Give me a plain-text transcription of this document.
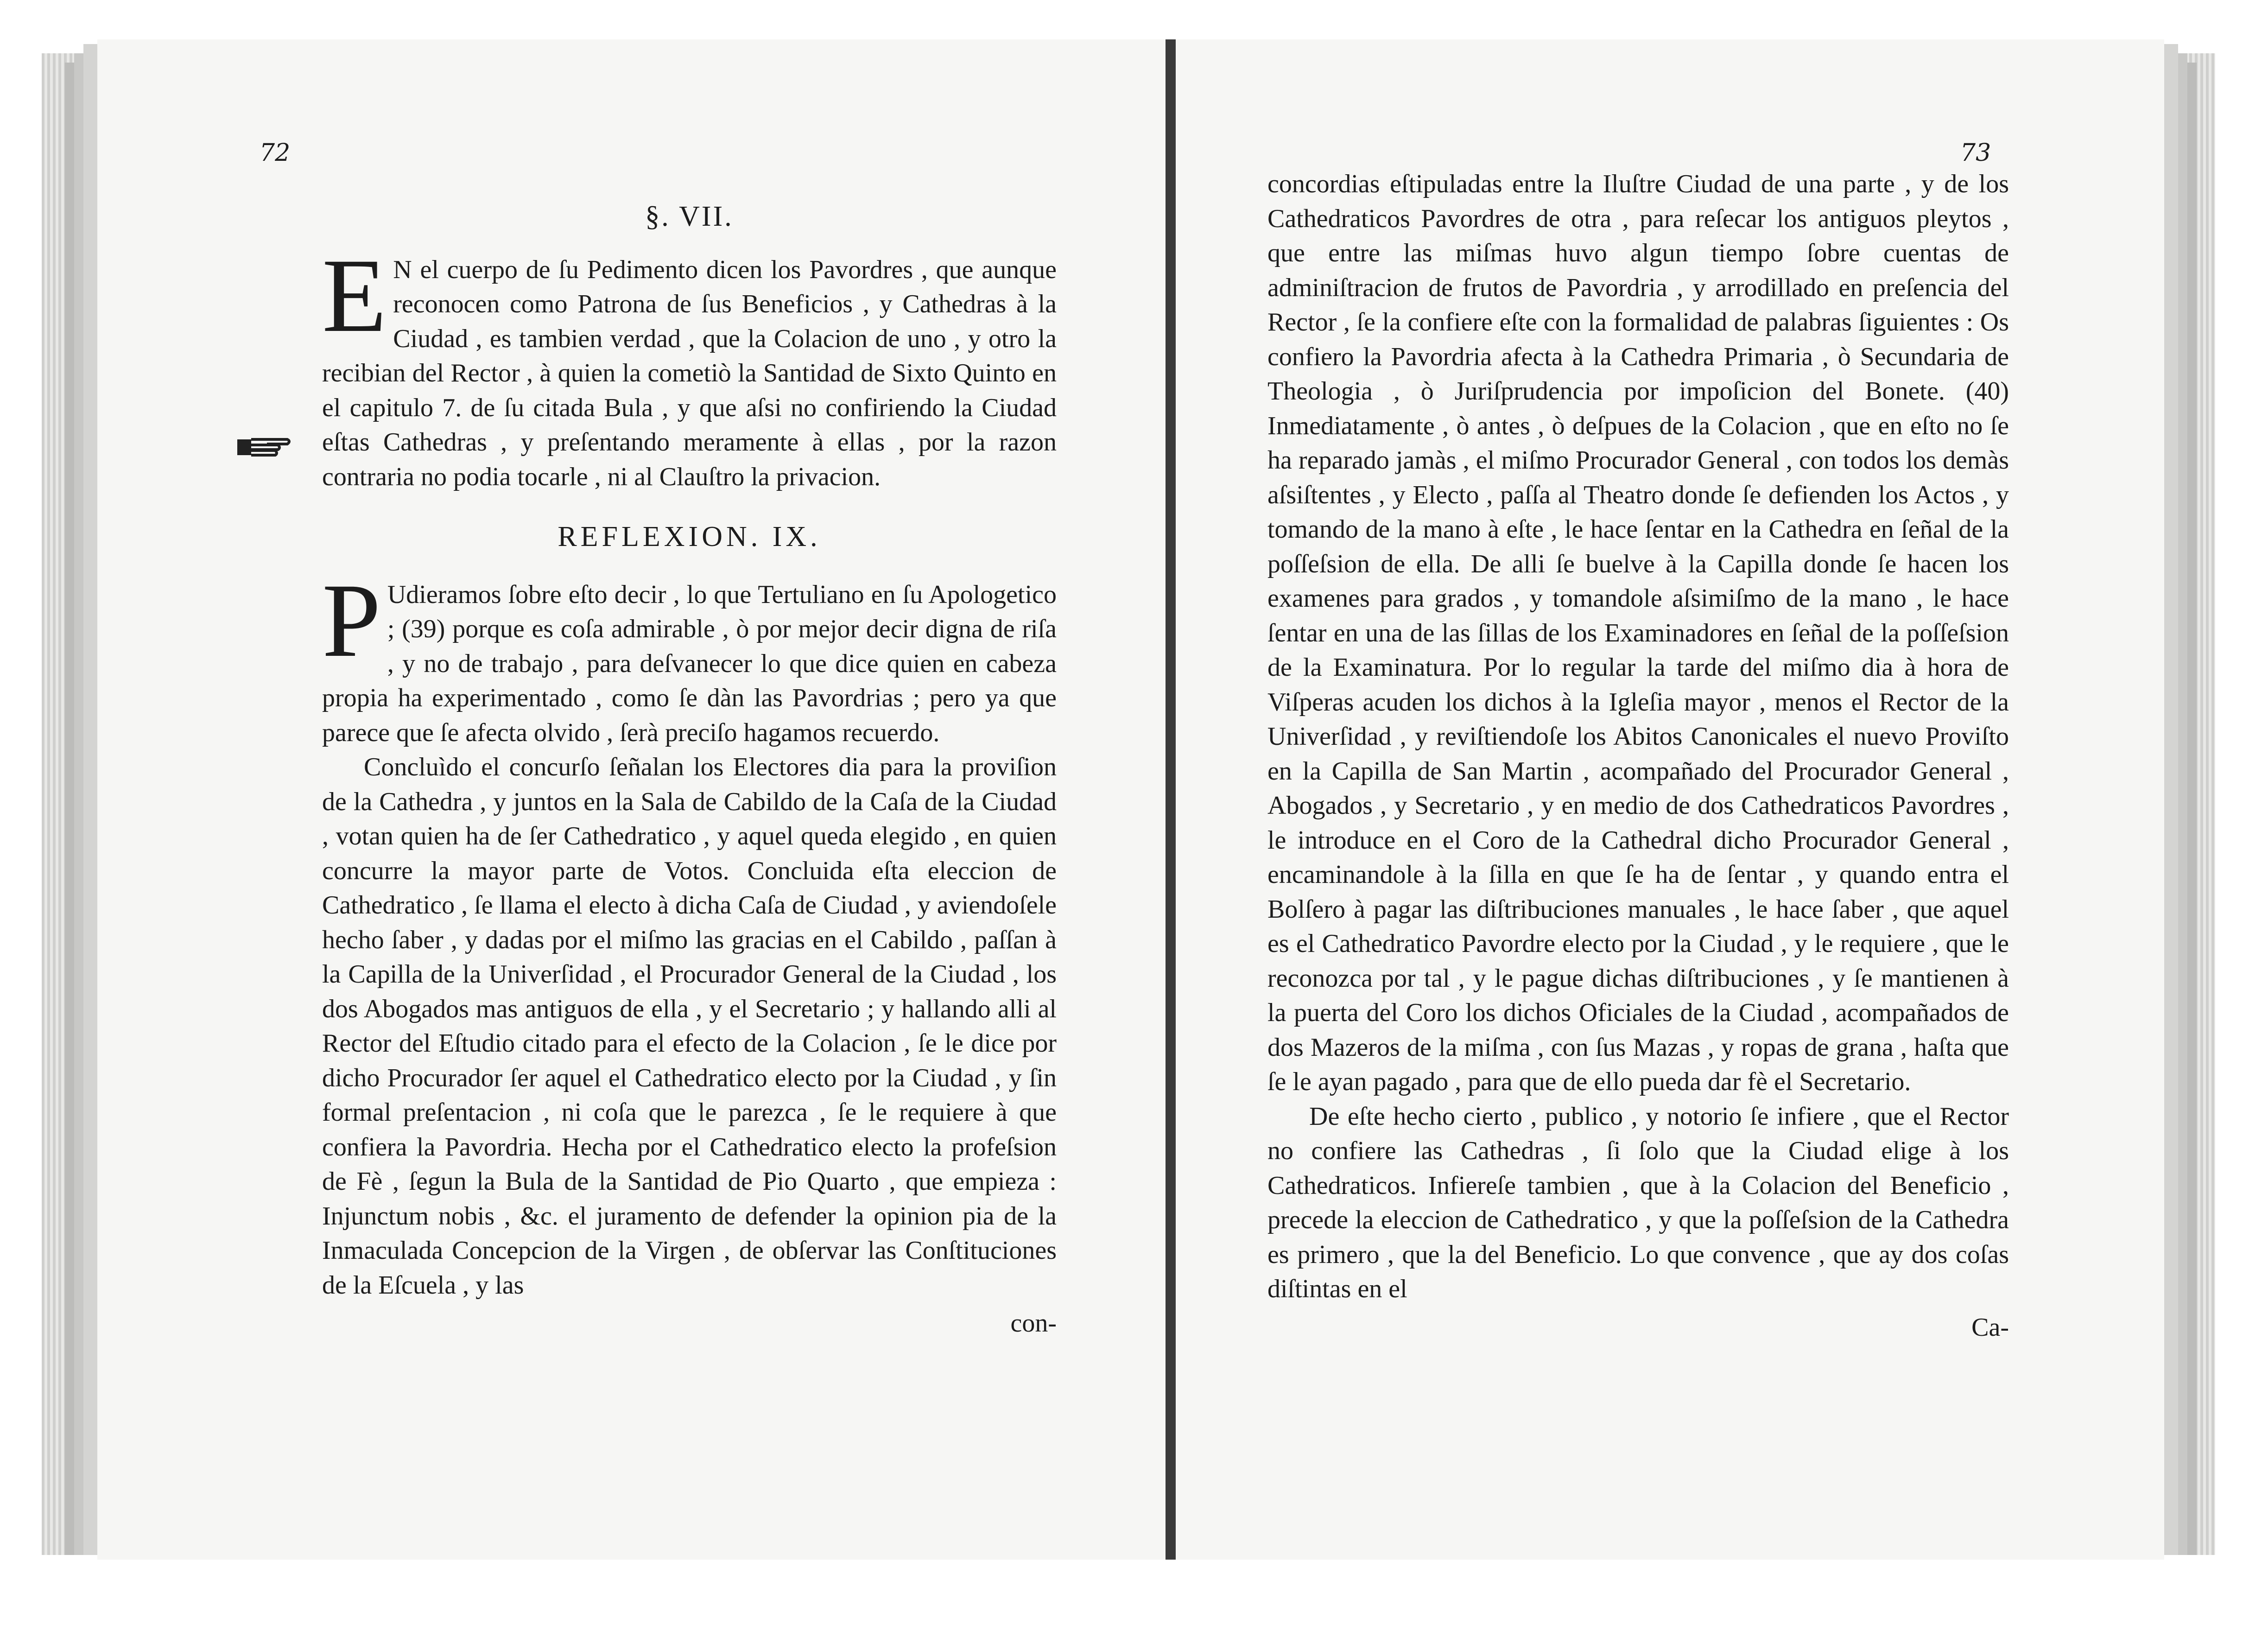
72	73
§. VII.

E N el cuerpo de ſu Pedimento dicen los Pavordres , que aunque reconocen como Patrona de ſus Beneficios , y Cathedras à la Ciudad , es tambien verdad , que la Colacion de uno , y otro la recibian del Rector , à quien la cometiò la Santidad de Sixto Quinto en el capitulo 7. de ſu citada Bula , y que aſsi no confiriendo la Ciudad eſtas Cathedras , y preſentando meramente à ellas , por la razon contraria no podia tocarle , ni al Clauſtro la privacion.

REFLEXION. IX.

P Udieramos ſobre eſto decir , lo que Tertuliano en ſu Apologetico ; (39) porque es coſa admirable , ò por mejor decir digna de riſa , y no de trabajo , para deſvanecer lo que dice quien en cabeza propia ha experimentado , como ſe dàn las Pavordrias ; pero ya que parece que ſe afecta olvido , ſerà preciſo hagamos recuerdo.

Concluìdo el concurſo ſeñalan los Electores dia para la proviſion de la Cathedra , y juntos en la Sala de Cabildo de la Caſa de la Ciudad , votan quien ha de ſer Cathedratico , y aquel queda elegido , en quien concurre la mayor parte de Votos. Concluida eſta eleccion de Cathedratico , ſe llama el electo à dicha Caſa de Ciudad , y aviendoſele hecho ſaber , y dadas por el miſmo las gracias en el Cabildo , paſſan à la Capilla de la Univerſidad , el Procurador General de la Ciudad , los dos Abogados mas antiguos de ella , y el Secretario ; y hallando alli al Rector del Eſtudio citado para el efecto de la Colacion , ſe le dice por dicho Procurador ſer aquel el Cathedratico electo por la Ciudad , y ſin formal preſentacion , ni coſa que le parezca , ſe le requiere à que confiera la Pavordria. Hecha por el Cathedratico electo la profeſsion de Fè , ſegun la Bula de la Santidad de Pio Quarto , que empieza : Injunctum nobis , &c. el juramento de defender la opinion pia de la Inmaculada Concepcion de la Virgen , de obſervar las Conſtituciones de la Eſcuela , y las

con-

concordias eſtipuladas entre la Iluſtre Ciudad de una parte , y de los Cathedraticos Pavordres de otra , para reſecar los antiguos pleytos , que entre las miſmas huvo algun tiempo ſobre cuentas de adminiſtracion de frutos de Pavordria , y arrodillado en preſencia del Rector , ſe la confiere eſte con la formalidad de palabras ſiguientes : Os confiero la Pavordria afecta à la Cathedra Primaria , ò Secundaria de Theologia , ò Juriſprudencia por impoſicion del Bonete. (40) Inmediatamente , ò antes , ò deſpues de la Colacion , que en eſto no ſe ha reparado jamàs , el miſmo Procurador General , con todos los demàs aſsiſtentes , y Electo , paſſa al Theatro donde ſe defienden los Actos , y tomando de la mano à eſte , le hace ſentar en la Cathedra en ſeñal de la poſſeſsion de ella. De alli ſe buelve à la Capilla donde ſe hacen los examenes para grados , y tomandole aſsimiſmo de la mano , le hace ſentar en una de las ſillas de los Examinadores en ſeñal de la poſſeſsion de la Examinatura. Por lo regular la tarde del miſmo dia à hora de Viſperas acuden los dichos à la Igleſia mayor , menos el Rector de la Univerſidad , y reviſtiendoſe los Abitos Canonicales el nuevo Proviſto en la Capilla de San Martin , acompañado del Procurador General , Abogados , y Secretario , y en medio de dos Cathedraticos Pavordres , le introduce en el Coro de la Cathedral dicho Procurador General , encaminandole à la ſilla en que ſe ha de ſentar , y quando entra el Bolſero à pagar las diſtribuciones manuales , le hace ſaber , que aquel es el Cathedratico Pavordre electo por la Ciudad , y le requiere , que le reconozca por tal , y le pague dichas diſtribuciones , y ſe mantienen à la puerta del Coro los dichos Oficiales de la Ciudad , acompañados de dos Mazeros de la miſma , con ſus Mazas , y ropas de grana , haſta que ſe le ayan pagado , para que de ello pueda dar fè el Secretario.

De eſte hecho cierto , publico , y notorio ſe infiere , que el Rector no confiere las Cathedras , ſi ſolo que la Ciudad elige à los Cathedraticos. Infiereſe tambien , que à la Colacion del Beneficio , precede la eleccion de Cathedratico , y que la poſſeſsion de la Cathedra es primero , que la del Beneficio. Lo que convence , que ay dos coſas diſtintas en el

Ca-
